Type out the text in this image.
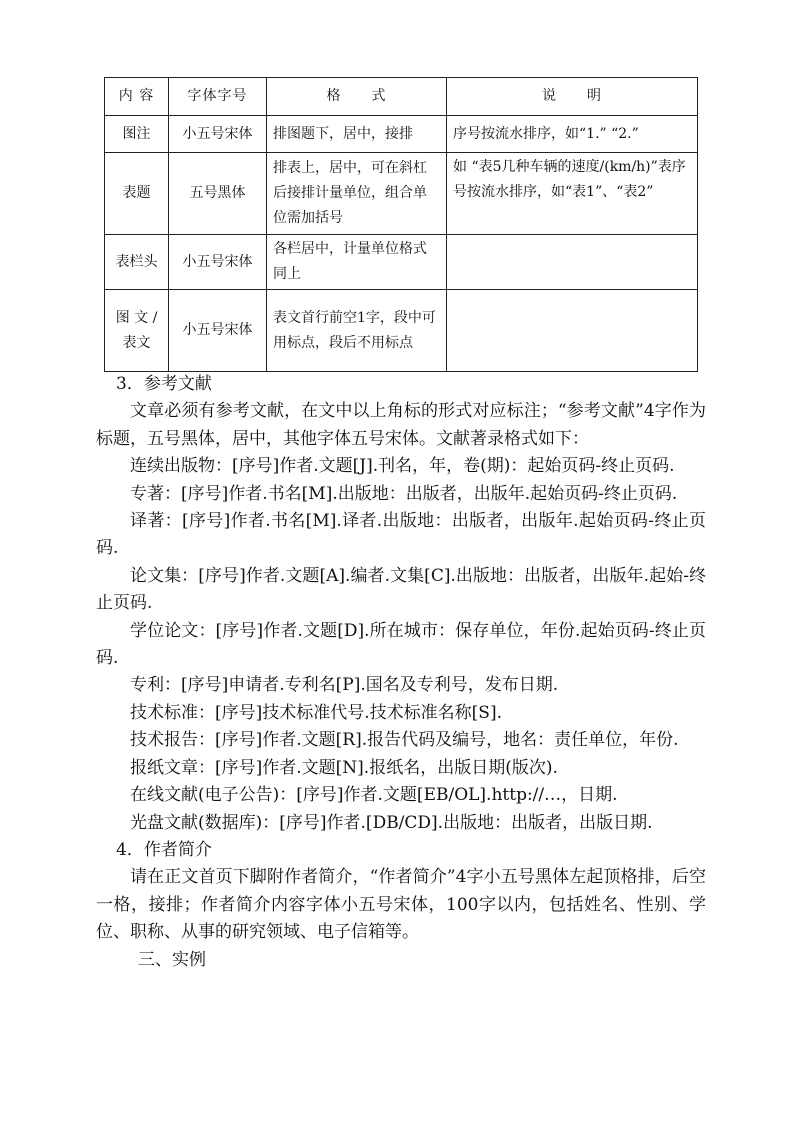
内 容	字体字号	格　　式	说　　明
图注	小五号宋体	排图题下，居中，接排	序号按流水排序，如“1.” “2.”
表题	五号黑体	排表上，居中，可在斜杠后接排计量单位，组合单位需加括号	如 “表5几种车辆的速度/(km/h)”表序号按流水排序，如“表1”、“表2”
表栏头	小五号宋体	各栏居中，计量单位格式同上	
图 文 / 表文	小五号宋体	表文首行前空1字，段中可用标点，段后不用标点	

3．参考文献

文章必须有参考文献，在文中以上角标的形式对应标注；“参考文献”4字作为标题，五号黑体，居中，其他字体五号宋体。文献著录格式如下：

连续出版物：[序号]作者.文题[J].刊名，年，卷(期)：起始页码-终止页码.

专著：[序号]作者.书名[M].出版地：出版者，出版年.起始页码-终止页码.

译著：[序号]作者.书名[M].译者.出版地：出版者，出版年.起始页码-终止页码.

论文集：[序号]作者.文题[A].编者.文集[C].出版地：出版者，出版年.起始-终止页码.

学位论文：[序号]作者.文题[D].所在城市：保存单位，年份.起始页码-终止页码.

专利：[序号]申请者.专利名[P].国名及专利号，发布日期.

技术标准：[序号]技术标准代号.技术标准名称[S].

技术报告：[序号]作者.文题[R].报告代码及编号，地名：责任单位，年份.

报纸文章：[序号]作者.文题[N].报纸名，出版日期(版次).

在线文献(电子公告)：[序号]作者.文题[EB/OL].http://…，日期.

光盘文献(数据库)：[序号]作者.[DB/CD].出版地：出版者，出版日期.

4．作者简介

请在正文首页下脚附作者简介，“作者简介”4字小五号黑体左起顶格排，后空一格，接排；作者简介内容字体小五号宋体，100字以内，包括姓名、性别、学位、职称、从事的研究领域、电子信箱等。

三、实例
